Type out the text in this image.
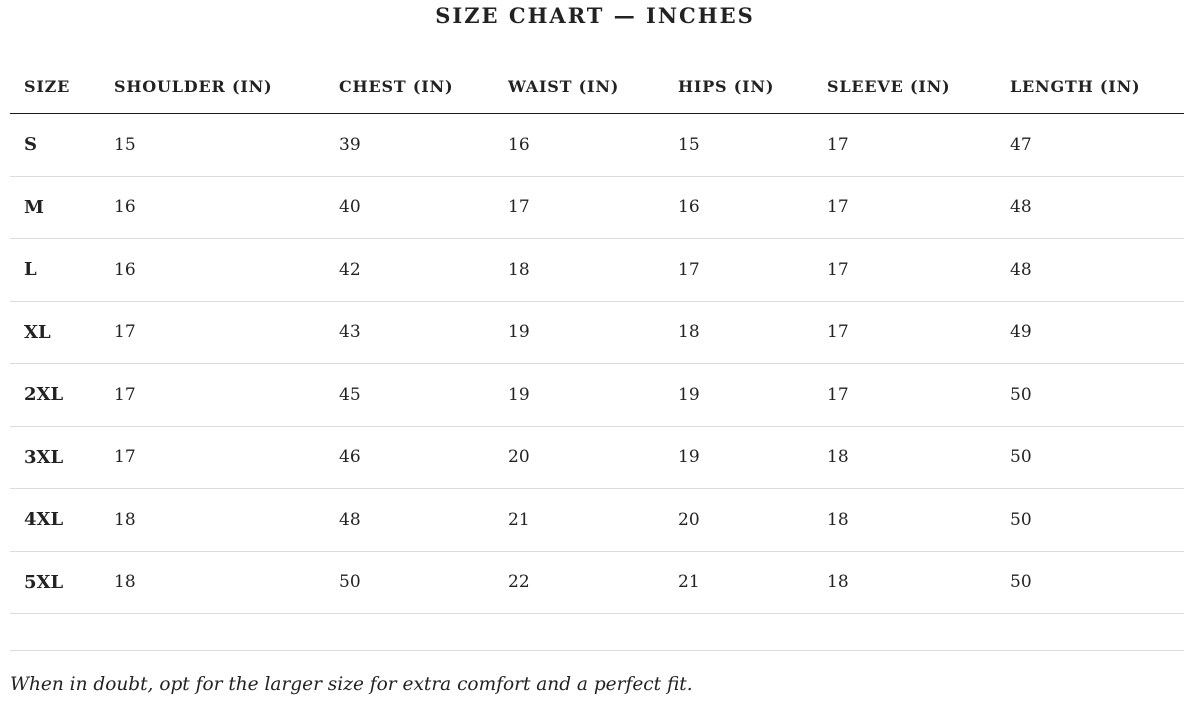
SIZE CHART — INCHES
SIZE	SHOULDER (IN)	CHEST (IN)	WAIST (IN)	HIPS (IN)	SLEEVE (IN)	LENGTH (IN)
S	15	39	16	15	17	47
M	16	40	17	16	17	48
L	16	42	18	17	17	48
XL	17	43	19	18	17	49
2XL	17	45	19	19	17	50
3XL	17	46	20	19	18	50
4XL	18	48	21	20	18	50
5XL	18	50	22	21	18	50
When in doubt, opt for the larger size for extra comfort and a perfect fit.
